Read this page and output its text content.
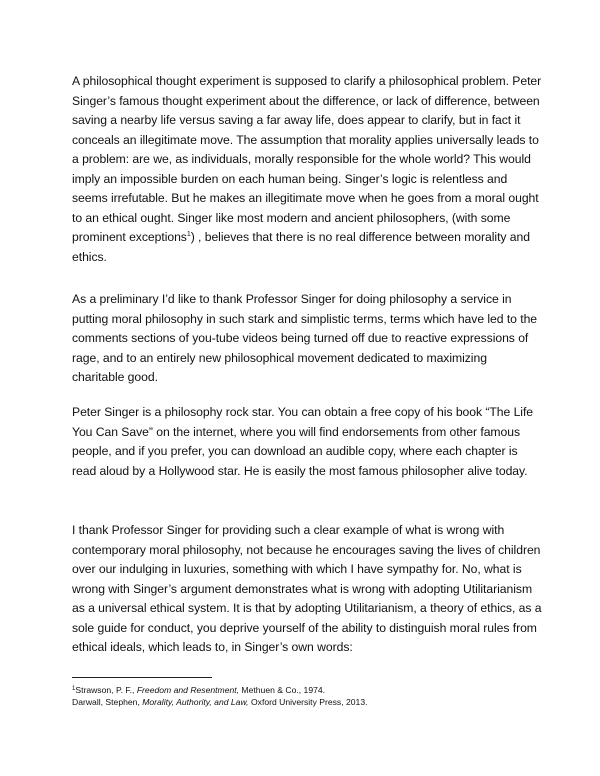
A philosophical thought experiment is supposed to clarify a philosophical problem. Peter Singer’s famous thought experiment about the difference, or lack of difference, between saving a nearby life versus saving a far away life, does appear to clarify, but in fact it conceals an illegitimate move. The assumption that morality applies universally leads to a problem: are we, as individuals, morally responsible for the whole world? This would imply an impossible burden on each human being. Singer’s logic is relentless and seems irrefutable. But he makes an illegitimate move when he goes from a moral ought to an ethical ought. Singer like most modern and ancient philosophers, (with some prominent exceptions$^1$) , believes that there is no real difference between morality and ethics.

As a preliminary I’d like to thank Professor Singer for doing philosophy a service in putting moral philosophy in such stark and simplistic terms, terms which have led to the comments sections of you-tube videos being turned off due to reactive expressions of rage, and to an entirely new philosophical movement dedicated to maximizing charitable good.

Peter Singer is a philosophy rock star. You can obtain a free copy of his book “The Life You Can Save” on the internet, where you will find endorsements from other famous people, and if you prefer, you can download an audible copy, where each chapter is read aloud by a Hollywood star. He is easily the most famous philosopher alive today.

I thank Professor Singer for providing such a clear example of what is wrong with contemporary moral philosophy, not because he encourages saving the lives of children over our indulging in luxuries, something with which I have sympathy for. No, what is wrong with Singer’s argument demonstrates what is wrong with adopting Utilitarianism as a universal ethical system. It is that by adopting Utilitarianism, a theory of ethics, as a sole guide for conduct, you deprive yourself of the ability to distinguish moral rules from ethical ideals, which leads to, in Singer’s own words:

$^1$Strawson, P. F., Freedom and Resentment, Methuen & Co., 1974.

Darwall, Stephen, Morality, Authority, and Law, Oxford University Press, 2013.
